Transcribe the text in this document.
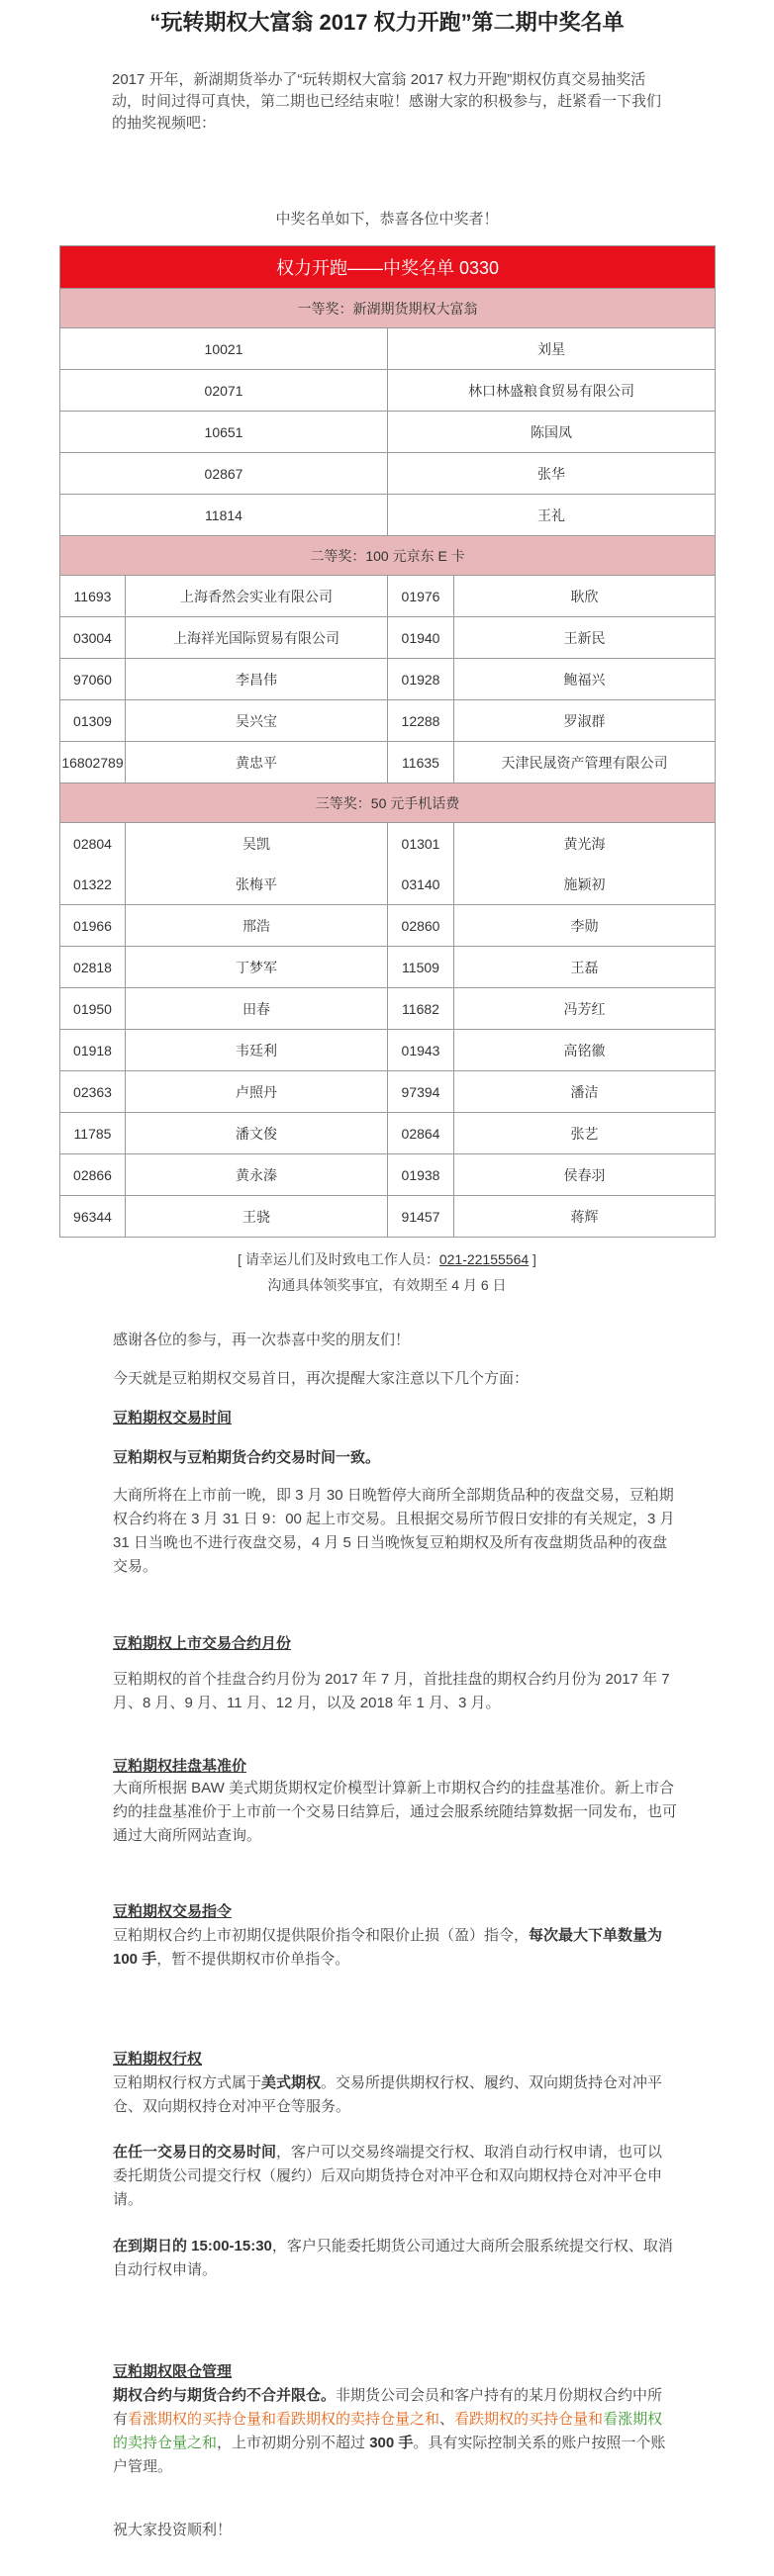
“玩转期权大富翁 2017 权力开跑”第二期中奖名单
2017 开年，新湖期货举办了“玩转期权大富翁 2017 权力开跑”期权仿真交易抽奖活动，时间过得可真快，第二期也已经结束啦！感谢大家的积极参与，赶紧看一下我们的抽奖视频吧：
中奖名单如下，恭喜各位中奖者！
权力开跑——中奖名单 0330			
一等奖：新湖期货期权大富翁			
10021		刘星	
02071		林口林盛粮食贸易有限公司	
10651		陈国凤	
02867		张华	
11814		王礼	
二等奖：100 元京东 E 卡			
11693	上海香然会实业有限公司	01976	耿欣
03004	上海祥光国际贸易有限公司	01940	王新民
97060	李昌伟	01928	鲍福兴
01309	吴兴宝	12288	罗淑群
16802789	黄忠平	11635	天津民晟资产管理有限公司
三等奖：50 元手机话费			
02804	吴凯	01301	黄光海
01322	张梅平	03140	施颖初
01966	邢浩	02860	李勋
02818	丁梦军	11509	王磊
01950	田春	11682	冯芳红
01918	韦廷利	01943	高铭徽
02363	卢照丹	97394	潘洁
11785	潘文俊	02864	张艺
02866	黄永溱	01938	侯春羽
96344	王骁	91457	蒋辉
[ 请幸运儿们及时致电工作人员：021-22155564 ]
沟通具体领奖事宜，有效期至 4 月 6 日
感谢各位的参与，再一次恭喜中奖的朋友们！
今天就是豆粕期权交易首日，再次提醒大家注意以下几个方面：
豆粕期权交易时间
豆粕期权与豆粕期货合约交易时间一致。
大商所将在上市前一晚，即 3 月 30 日晚暂停大商所全部期货品种的夜盘交易，豆粕期权合约将在 3 月 31 日 9：00 起上市交易。且根据交易所节假日安排的有关规定，3 月 31 日当晚也不进行夜盘交易，4 月 5 日当晚恢复豆粕期权及所有夜盘期货品种的夜盘交易。
豆粕期权上市交易合约月份
豆粕期权的首个挂盘合约月份为 2017 年 7 月，首批挂盘的期权合约月份为 2017 年 7 月、8 月、9 月、11 月、12 月，以及 2018 年 1 月、3 月。
豆粕期权挂盘基准价
大商所根据 BAW 美式期货期权定价模型计算新上市期权合约的挂盘基准价。新上市合约的挂盘基准价于上市前一个交易日结算后，通过会服系统随结算数据一同发布，也可通过大商所网站查询。
豆粕期权交易指令
豆粕期权合约上市初期仅提供限价指令和限价止损（盈）指令，每次最大下单数量为 100 手，暂不提供期权市价单指令。
豆粕期权行权
豆粕期权行权方式属于美式期权。交易所提供期权行权、履约、双向期货持仓对冲平仓、双向期权持仓对冲平仓等服务。
在任一交易日的交易时间，客户可以交易终端提交行权、取消自动行权申请，也可以委托期货公司提交行权（履约）后双向期货持仓对冲平仓和双向期权持仓对冲平仓申请。
在到期日的 15:00-15:30，客户只能委托期货公司通过大商所会服系统提交行权、取消自动行权申请。
豆粕期权限仓管理
期权合约与期货合约不合并限仓。非期货公司会员和客户持有的某月份期权合约中所有看涨期权的买持仓量和看跌期权的卖持仓量之和、看跌期权的买持仓量和看涨期权的卖持仓量之和，上市初期分别不超过 300 手。具有实际控制关系的账户按照一个账户管理。
祝大家投资顺利！
